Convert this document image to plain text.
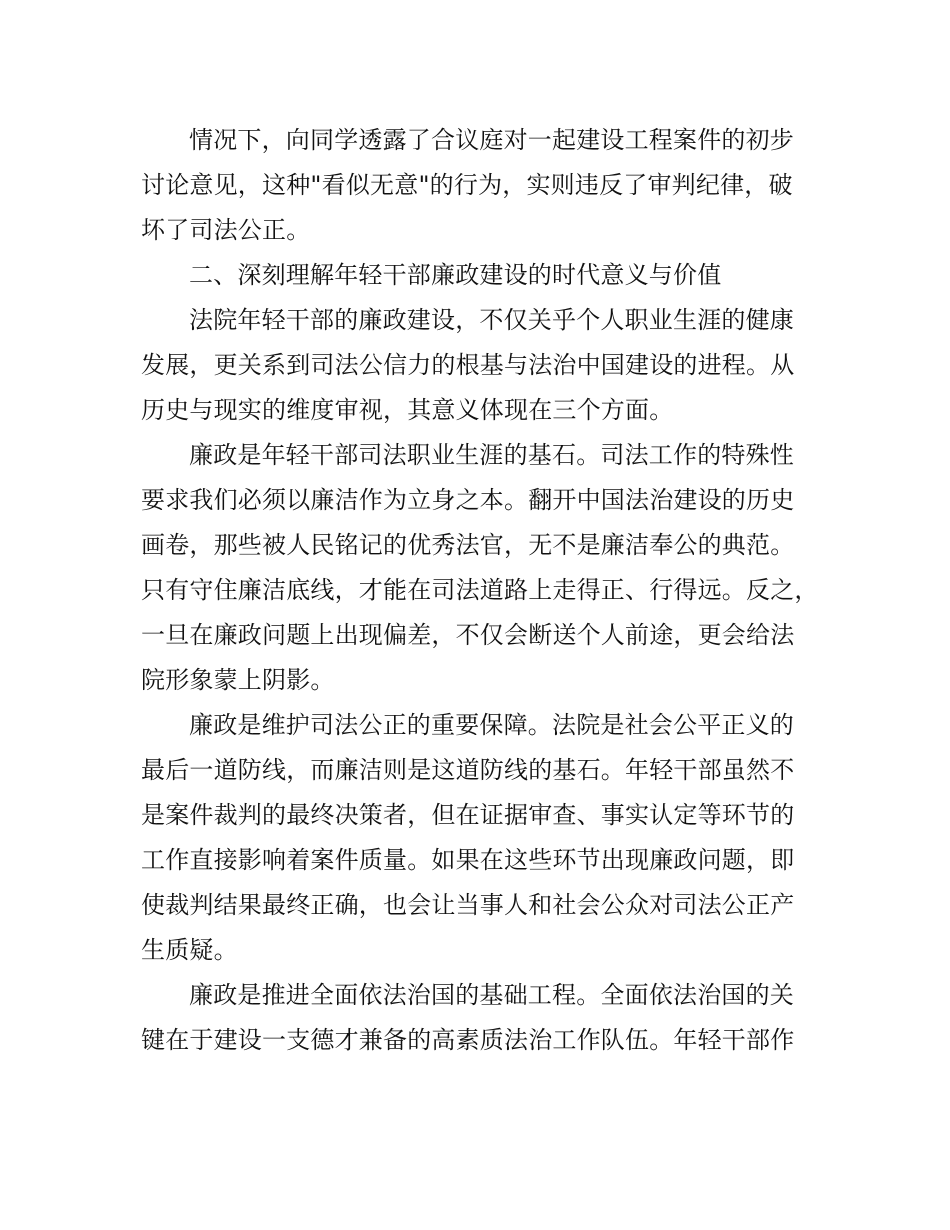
情况下，向同学透露了合议庭对一起建设工程案件的初步
讨论意见，这种"看似无意"的行为，实则违反了审判纪律，破
坏了司法公正。
二、深刻理解年轻干部廉政建设的时代意义与价值
法院年轻干部的廉政建设，不仅关乎个人职业生涯的健康
发展，更关系到司法公信力的根基与法治中国建设的进程。从
历史与现实的维度审视，其意义体现在三个方面。
廉政是年轻干部司法职业生涯的基石。司法工作的特殊性
要求我们必须以廉洁作为立身之本。翻开中国法治建设的历史
画卷，那些被人民铭记的优秀法官，无不是廉洁奉公的典范。
只有守住廉洁底线，才能在司法道路上走得正、行得远。反之，
一旦在廉政问题上出现偏差，不仅会断送个人前途，更会给法
院形象蒙上阴影。
廉政是维护司法公正的重要保障。法院是社会公平正义的
最后一道防线，而廉洁则是这道防线的基石。年轻干部虽然不
是案件裁判的最终决策者，但在证据审查、事实认定等环节的
工作直接影响着案件质量。如果在这些环节出现廉政问题，即
使裁判结果最终正确，也会让当事人和社会公众对司法公正产
生质疑。
廉政是推进全面依法治国的基础工程。全面依法治国的关
键在于建设一支德才兼备的高素质法治工作队伍。年轻干部作
